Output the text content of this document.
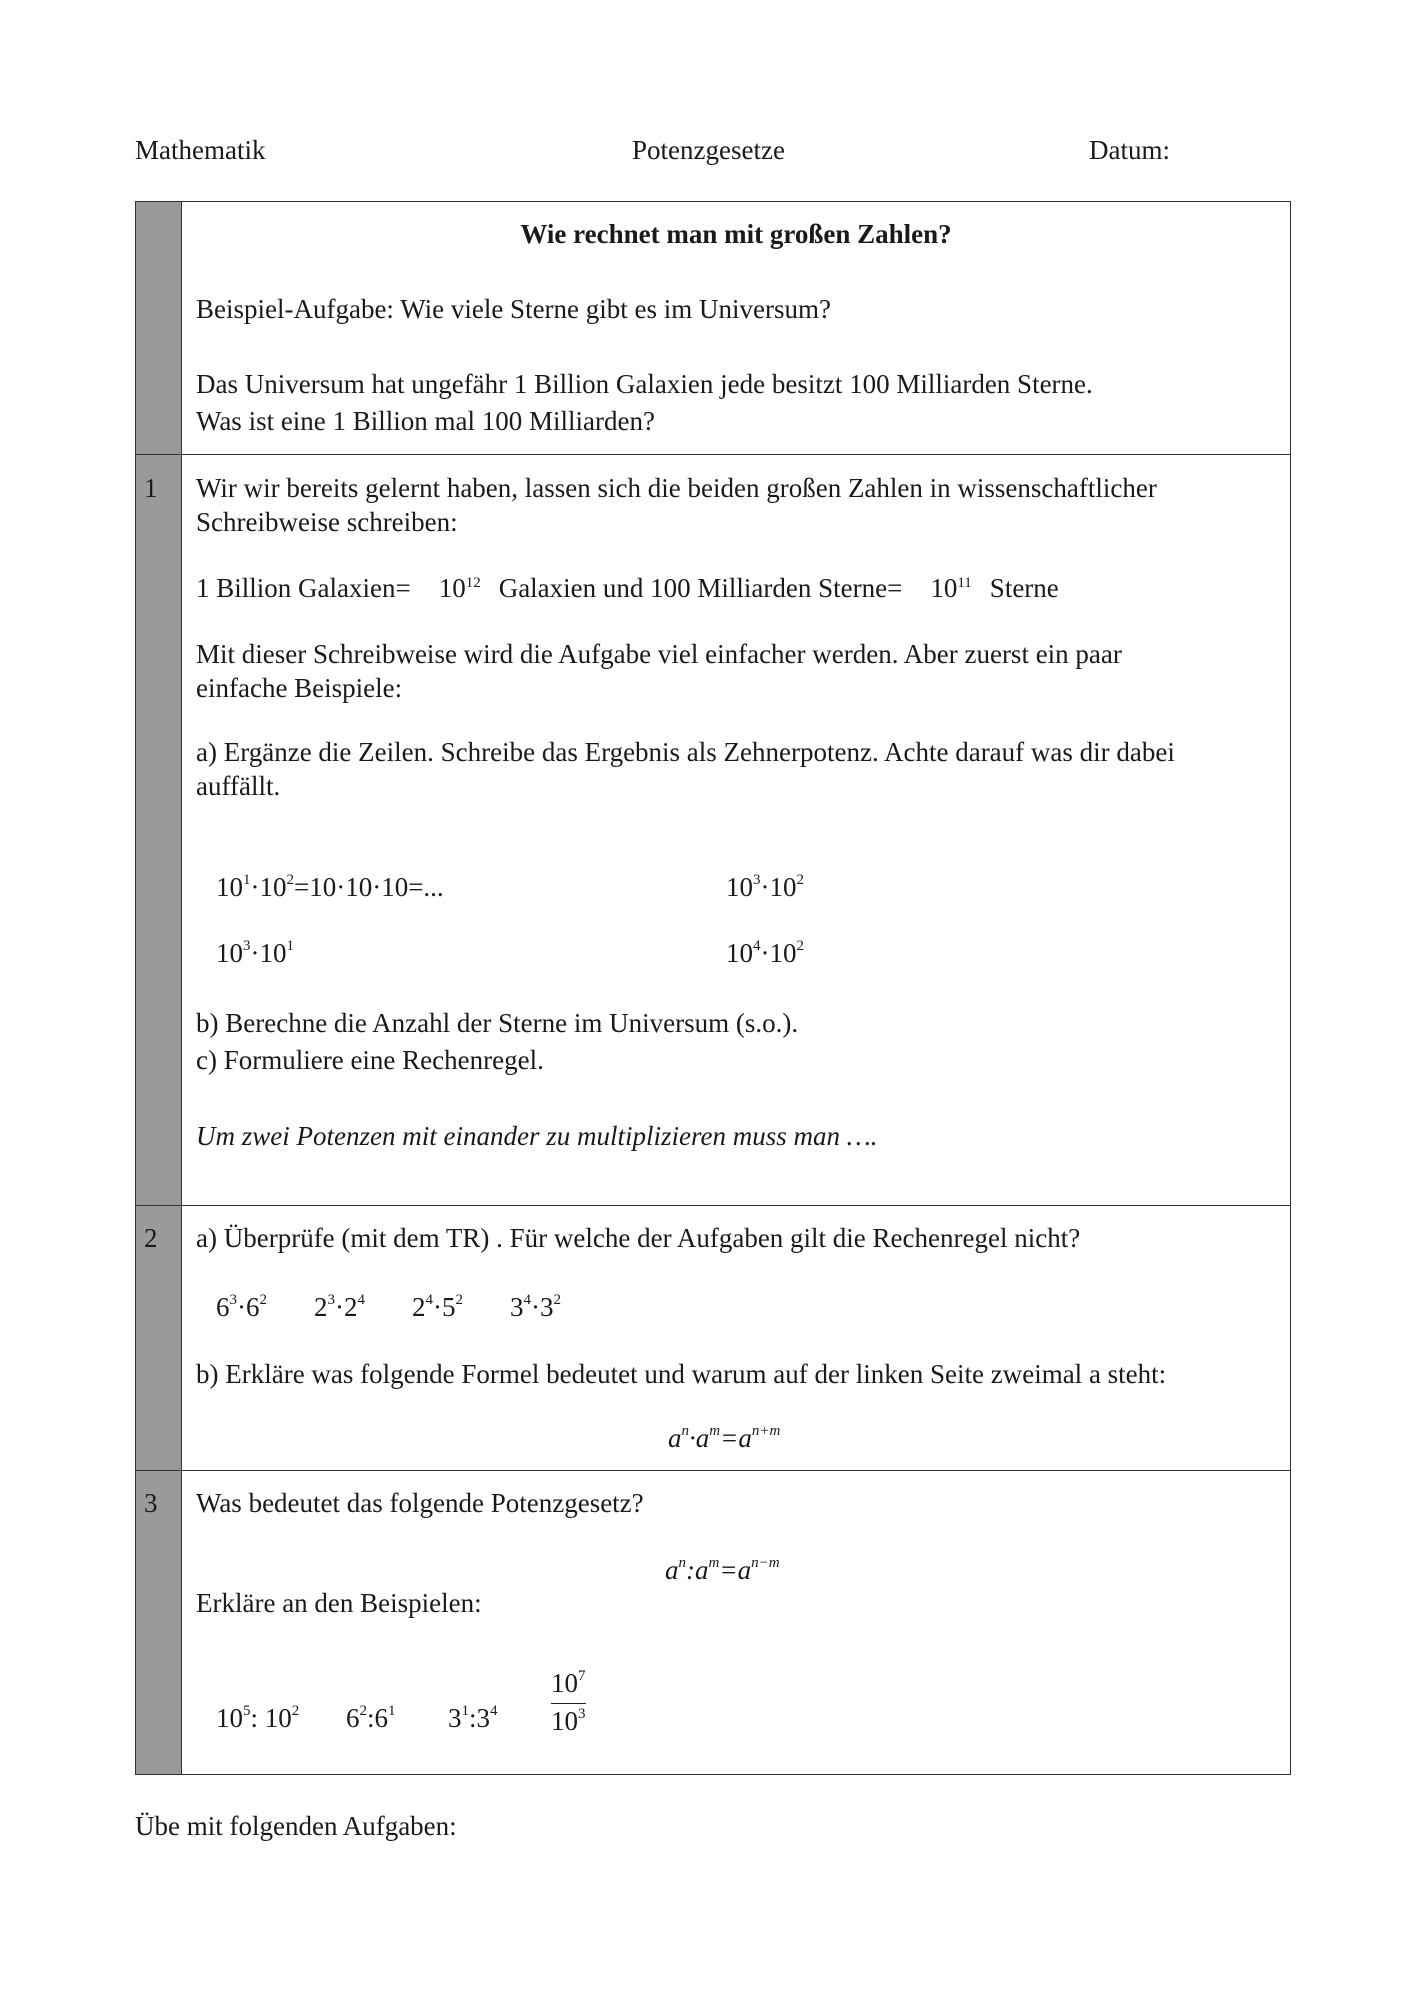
Mathematik	Potenzgesetze	Datum:
Wie rechnet man mit großen Zahlen?
Beispiel-Aufgabe: Wie viele Sterne gibt es im Universum?
Das Universum hat ungefähr 1 Billion Galaxien jede besitzt 100 Milliarden Sterne.
Was ist eine 1 Billion mal 100 Milliarden?
1 Wir wir bereits gelernt haben, lassen sich die beiden großen Zahlen in wissenschaftlicher
Schreibweise schreiben:
1 Billion Galaxien= $10^{12}$ Galaxien und 100 Milliarden Sterne= $10^{11}$ Sterne
Mit dieser Schreibweise wird die Aufgabe viel einfacher werden. Aber zuerst ein paar
einfache Beispiele:
a) Ergänze die Zeilen. Schreibe das Ergebnis als Zehnerpotenz. Achte darauf was dir dabei
auffällt.
$10^1\cdot 10^2=10\cdot 10\cdot 10=$...	$10^3\cdot 10^2$
$10^3\cdot 10^1$	$10^4\cdot 10^2$
b) Berechne die Anzahl der Sterne im Universum (s.o.).
c) Formuliere eine Rechenregel.
Um zwei Potenzen mit einander zu multiplizieren muss man ….
2 a) Überprüfe (mit dem TR) . Für welche der Aufgaben gilt die Rechenregel nicht?
$6^3\cdot 6^2$ $2^3\cdot 2^4$ $2^4\cdot 5^2$ $3^4\cdot 3^2$
b) Erkläre was folgende Formel bedeutet und warum auf der linken Seite zweimal a steht:
$a^n\cdot a^m=a^{n+m}$
3 Was bedeutet das folgende Potenzgesetz?
$a^n:a^m=a^{n-m}$
Erkläre an den Beispielen:
$10^5$: $10^2$ $6^2:6^1$ $3^1:3^4$
$10^7$
$10^3$
Übe mit folgenden Aufgaben:
